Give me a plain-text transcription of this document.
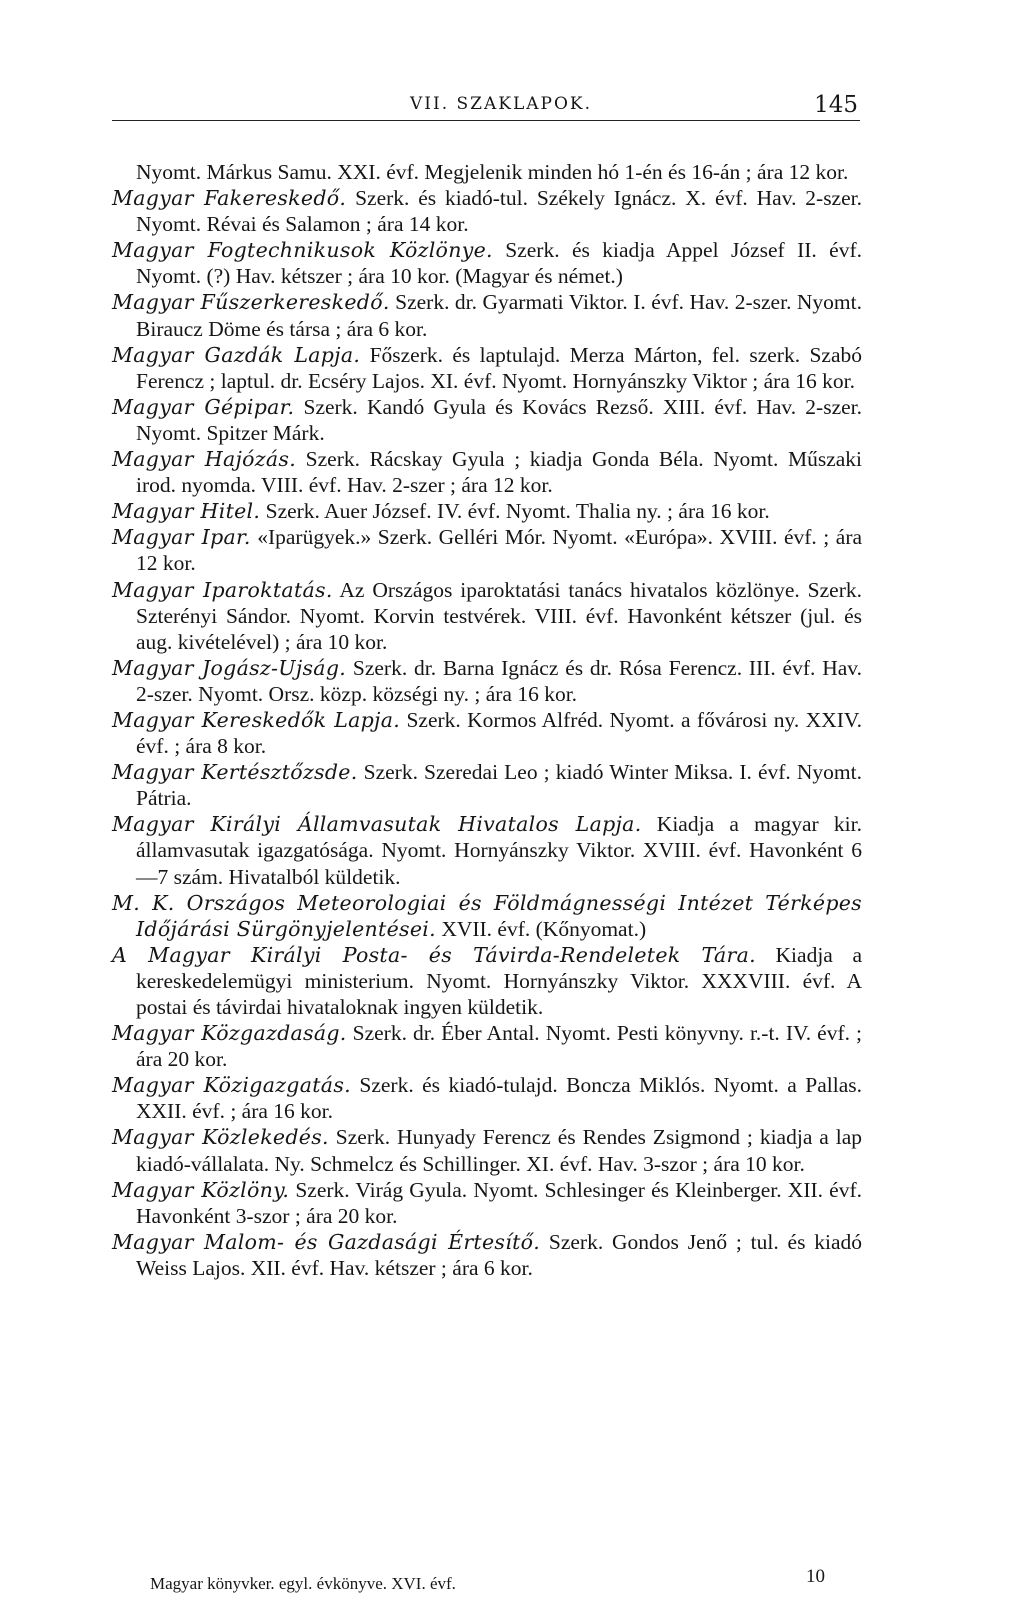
VII. SZAKLAPOK.	145

Nyomt. Márkus Samu. XXI. évf. Megjelenik minden hó 1-én és 16-án ; ára 12 kor.

Magyar Fakereskedő. Szerk. és kiadó-tul. Székely Ignácz. X. évf. Hav. 2-szer. Nyomt. Révai és Salamon ; ára 14 kor.

Magyar Fogtechnikusok Közlönye. Szerk. és kiadja Appel József II. évf. Nyomt. (?) Hav. kétszer ; ára 10 kor. (Magyar és német.)

Magyar Fűszerkereskedő. Szerk. dr. Gyarmati Viktor. I. évf. Hav. 2-szer. Nyomt. Biraucz Döme és társa ; ára 6 kor.

Magyar Gazdák Lapja. Főszerk. és laptulajd. Merza Márton, fel. szerk. Szabó Ferencz ; laptul. dr. Ecséry Lajos. XI. évf. Nyomt. Hornyánszky Viktor ; ára 16 kor.

Magyar Gépipar. Szerk. Kandó Gyula és Kovács Rezső. XIII. évf. Hav. 2-szer. Nyomt. Spitzer Márk.

Magyar Hajózás. Szerk. Rácskay Gyula ; kiadja Gonda Béla. Nyomt. Műszaki irod. nyomda. VIII. évf. Hav. 2-szer ; ára 12 kor.

Magyar Hitel. Szerk. Auer József. IV. évf. Nyomt. Thalia ny. ; ára 16 kor.

Magyar Ipar. «Iparügyek.» Szerk. Gelléri Mór. Nyomt. «Európa». XVIII. évf. ; ára 12 kor.

Magyar Iparoktatás. Az Országos iparoktatási tanács hivatalos közlönye. Szerk. Szterényi Sándor. Nyomt. Korvin testvérek. VIII. évf. Havonként kétszer (jul. és aug. kivételével) ; ára 10 kor.

Magyar Jogász-Ujság. Szerk. dr. Barna Ignácz és dr. Rósa Ferencz. III. évf. Hav. 2-szer. Nyomt. Orsz. közp. községi ny. ; ára 16 kor.

Magyar Kereskedők Lapja. Szerk. Kormos Alfréd. Nyomt. a fővárosi ny. XXIV. évf. ; ára 8 kor.

Magyar Kertésztőzsde. Szerk. Szeredai Leo ; kiadó Winter Miksa. I. évf. Nyomt. Pátria.

Magyar Királyi Államvasutak Hivatalos Lapja. Kiadja a magyar kir. államvasutak igazgatósága. Nyomt. Hornyánszky Viktor. XVIII. évf. Havonként 6—7 szám. Hivatalból küldetik.

M. K. Országos Meteorologiai és Földmágnességi Intézet Térképes Időjárási Sürgönyjelentései. XVII. évf. (Kőnyomat.)

A Magyar Királyi Posta- és Távirda-Rendeletek Tára. Kiadja a kereskedelemügyi ministerium. Nyomt. Hornyánszky Viktor. XXXVIII. évf. A postai és távirdai hivataloknak ingyen küldetik.

Magyar Közgazdaság. Szerk. dr. Éber Antal. Nyomt. Pesti könyvny. r.-t. IV. évf. ; ára 20 kor.

Magyar Közigazgatás. Szerk. és kiadó-tulajd. Boncza Miklós. Nyomt. a Pallas. XXII. évf. ; ára 16 kor.

Magyar Közlekedés. Szerk. Hunyady Ferencz és Rendes Zsigmond ; kiadja a lap kiadó-vállalata. Ny. Schmelcz és Schillinger. XI. évf. Hav. 3-szor ; ára 10 kor.

Magyar Közlöny. Szerk. Virág Gyula. Nyomt. Schlesinger és Kleinberger. XII. évf. Havonként 3-szor ; ára 20 kor.

Magyar Malom- és Gazdasági Értesítő. Szerk. Gondos Jenő ; tul. és kiadó Weiss Lajos. XII. évf. Hav. kétszer ; ára 6 kor.

Magyar könyvker. egyl. évkönyve. XVI. évf.	10
